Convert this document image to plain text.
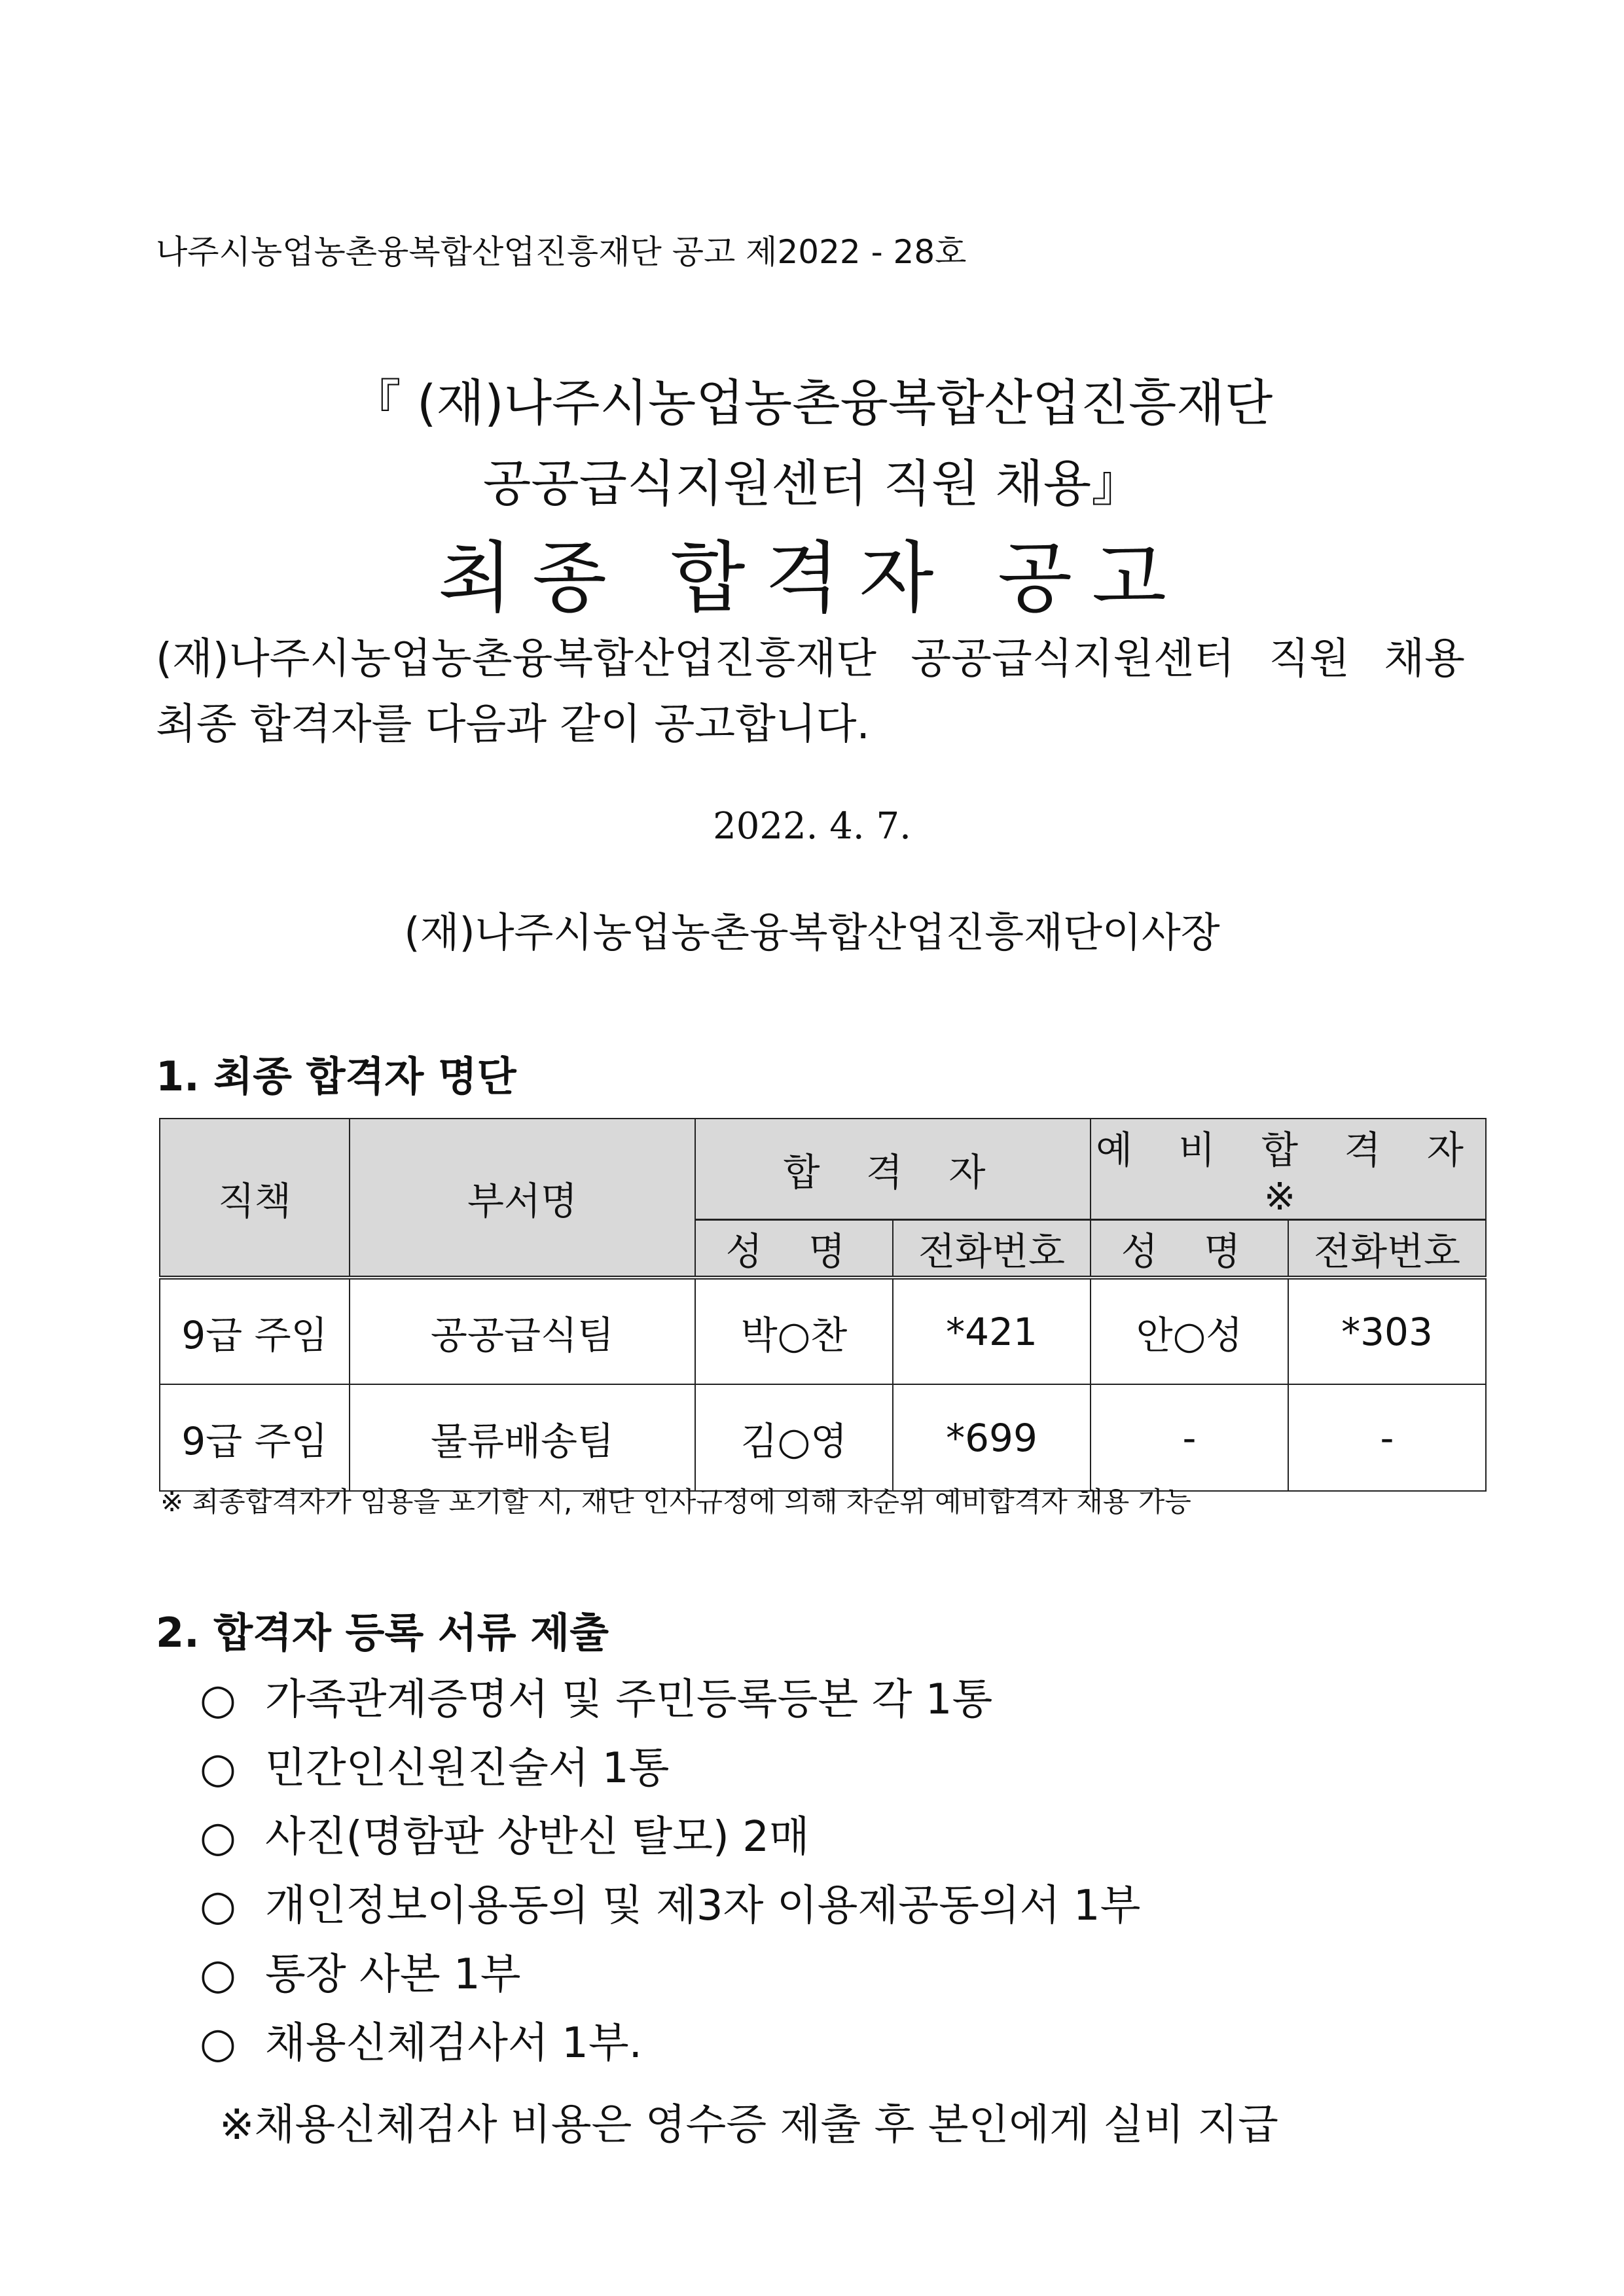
나주시농업농촌융복합산업진흥재단 공고 제2022 - 28호
『 (재)나주시농업농촌융복합산업진흥재단
공공급식지원센터 직원 채용』
최종 합격자 공고
(재)나주시농업농촌융복합산업진흥재단 공공급식지원센터 직원 채용
최종 합격자를 다음과 같이 공고합니다.
2022. 4. 7.
(재)나주시농업농촌융복합산업진흥재단이사장
1. 최종 합격자 명단
직책	부서명	합 격 자		예 비 합 격 자※	
		성 명	전화번호	성 명	전화번호
9급 주임	공공급식팀	박○찬	*421	안○성	*303
9급 주임	물류배송팀	김○영	*699	-	-
※ 최종합격자가 임용을 포기할 시, 재단 인사규정에 의해 차순위 예비합격자 채용 가능
2. 합격자 등록 서류 제출
○ 가족관계증명서 및 주민등록등본 각 1통
○ 민간인신원진술서 1통
○ 사진(명함판 상반신 탈모) 2매
○ 개인정보이용동의 및 제3자 이용제공동의서 1부
○ 통장 사본 1부
○ 채용신체검사서 1부.
※채용신체검사 비용은 영수증 제출 후 본인에게 실비 지급
